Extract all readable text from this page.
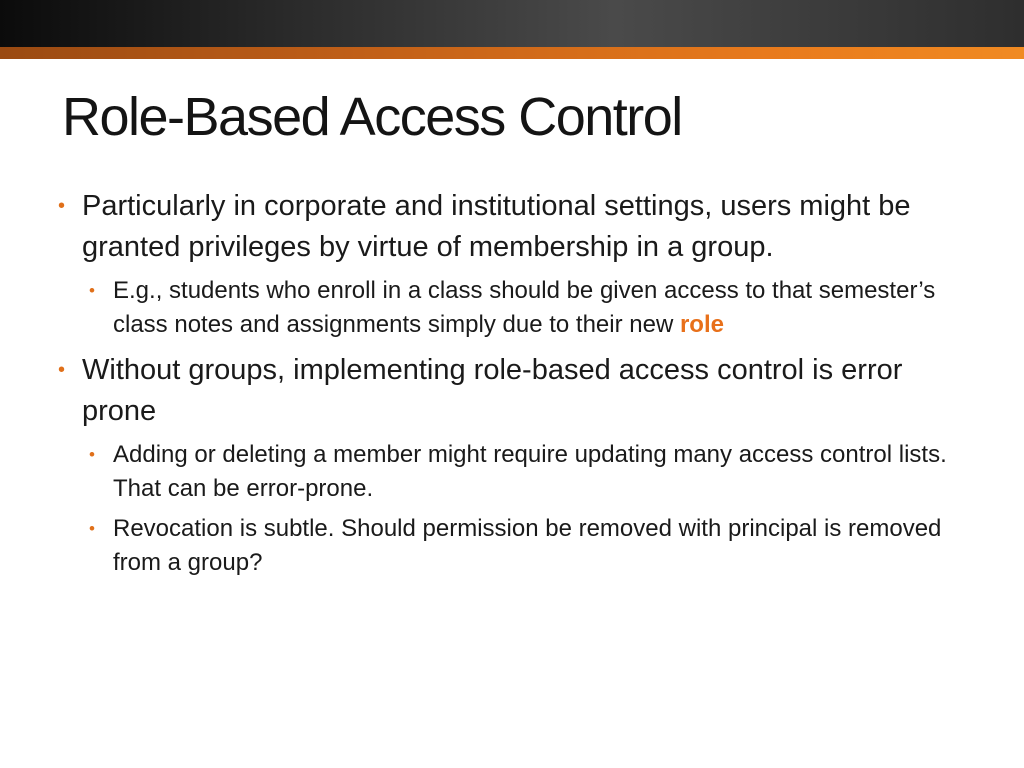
Role-Based Access Control
• Particularly in corporate and institutional settings, users might be granted privileges by virtue of membership in a group.
• E.g., students who enroll in a class should be given access to that semester’s class notes and assignments simply due to their new role
• Without groups, implementing role-based access control is error prone
• Adding or deleting a member might require updating many access control lists. That can be error-prone.
• Revocation is subtle. Should permission be removed with principal is removed from a group?
